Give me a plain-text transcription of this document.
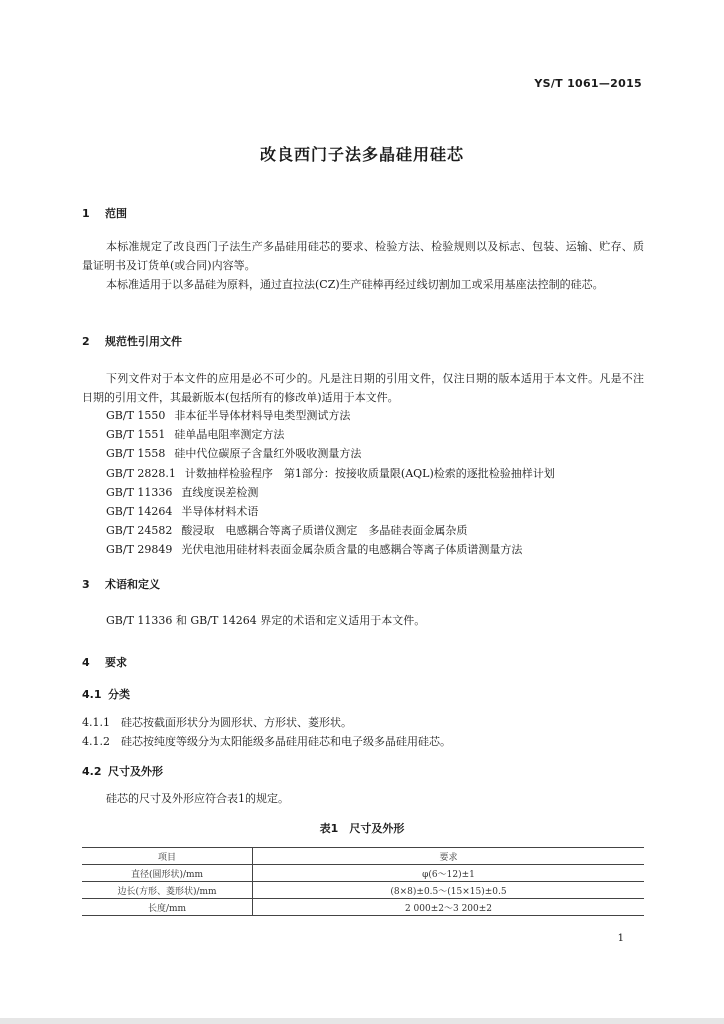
YS/T 1061—2015
改良西门子法多晶硅用硅芯
1 范围
本标准规定了改良西门子法生产多晶硅用硅芯的要求、检验方法、检验规则以及标志、包装、运输、贮存、质量证明书及订货单(或合同)内容等。
本标准适用于以多晶硅为原料，通过直拉法(CZ)生产硅棒再经过线切割加工或采用基座法控制的硅芯。
2 规范性引用文件
下列文件对于本文件的应用是必不可少的。凡是注日期的引用文件，仅注日期的版本适用于本文件。凡是不注日期的引用文件，其最新版本(包括所有的修改单)适用于本文件。
GB/T 1550 非本征半导体材料导电类型测试方法
GB/T 1551 硅单晶电阻率测定方法
GB/T 1558 硅中代位碳原子含量红外吸收测量方法
GB/T 2828.1 计数抽样检验程序　第1部分：按接收质量限(AQL)检索的逐批检验抽样计划
GB/T 11336 直线度误差检测
GB/T 14264 半导体材料术语
GB/T 24582 酸浸取　电感耦合等离子质谱仪测定　多晶硅表面金属杂质
GB/T 29849 光伏电池用硅材料表面金属杂质含量的电感耦合等离子体质谱测量方法
3 术语和定义
GB/T 11336 和 GB/T 14264 界定的术语和定义适用于本文件。
4 要求
4.1 分类
4.1.1　硅芯按截面形状分为圆形状、方形状、菱形状。
4.1.2　硅芯按纯度等级分为太阳能级多晶硅用硅芯和电子级多晶硅用硅芯。
4.2 尺寸及外形
硅芯的尺寸及外形应符合表1的规定。
表1　尺寸及外形
项目	要求
直径(圆形状)/mm	φ(6～12)±1
边长(方形、菱形状)/mm	(8×8)±0.5～(15×15)±0.5
长度/mm	2 000±2～3 200±2
1
